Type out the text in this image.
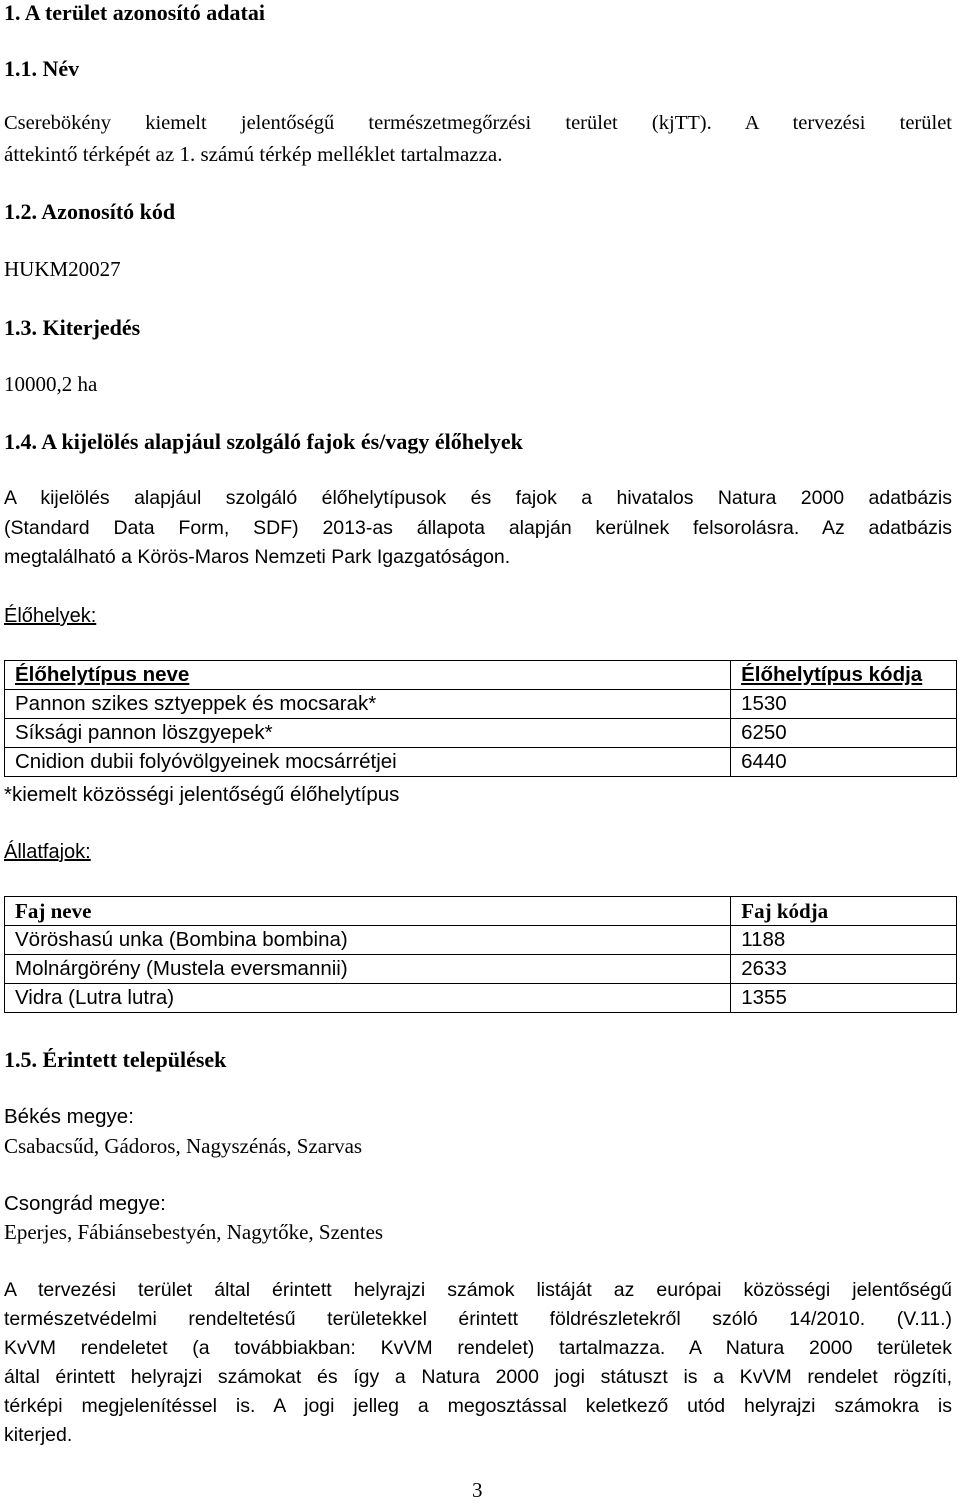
1. A terület azonosító adatai
1.1. Név
Cserebökény kiemelt jelentőségű természetmegőrzési terület (kjTT). A tervezési terület
áttekintő térképét az 1. számú térkép melléklet tartalmazza.
1.2. Azonosító kód
HUKM20027
1.3. Kiterjedés
10000,2 ha
1.4. A kijelölés alapjául szolgáló fajok és/vagy élőhelyek
A kijelölés alapjául szolgáló élőhelytípusok és fajok a hivatalos Natura 2000 adatbázis
(Standard Data Form, SDF) 2013-as állapota alapján kerülnek felsorolásra. Az adatbázis
megtalálható a Körös-Maros Nemzeti Park Igazgatóságon.
Élőhelyek:
Élőhelytípus neve	Élőhelytípus kódja
Pannon szikes sztyeppek és mocsarak*	1530
Síksági pannon löszgyepek*	6250
Cnidion dubii folyóvölgyeinek mocsárrétjei	6440
*kiemelt közösségi jelentőségű élőhelytípus
Állatfajok:
Faj neve	Faj kódja
Vöröshasú unka (Bombina bombina)	1188
Molnárgörény (Mustela eversmannii)	2633
Vidra (Lutra lutra)	1355
1.5. Érintett települések
Békés megye:
Csabacsűd, Gádoros, Nagyszénás, Szarvas
Csongrád megye:
Eperjes, Fábiánsebestyén, Nagytőke, Szentes
A tervezési terület által érintett helyrajzi számok listáját az európai közösségi jelentőségű
természetvédelmi rendeltetésű területekkel érintett földrészletekről szóló 14/2010. (V.11.)
KvVM rendeletet (a továbbiakban: KvVM rendelet) tartalmazza. A Natura 2000 területek
által érintett helyrajzi számokat és így a Natura 2000 jogi státuszt is a KvVM rendelet rögzíti,
térképi megjelenítéssel is. A jogi jelleg a megosztással keletkező utód helyrajzi számokra is
kiterjed.
3
